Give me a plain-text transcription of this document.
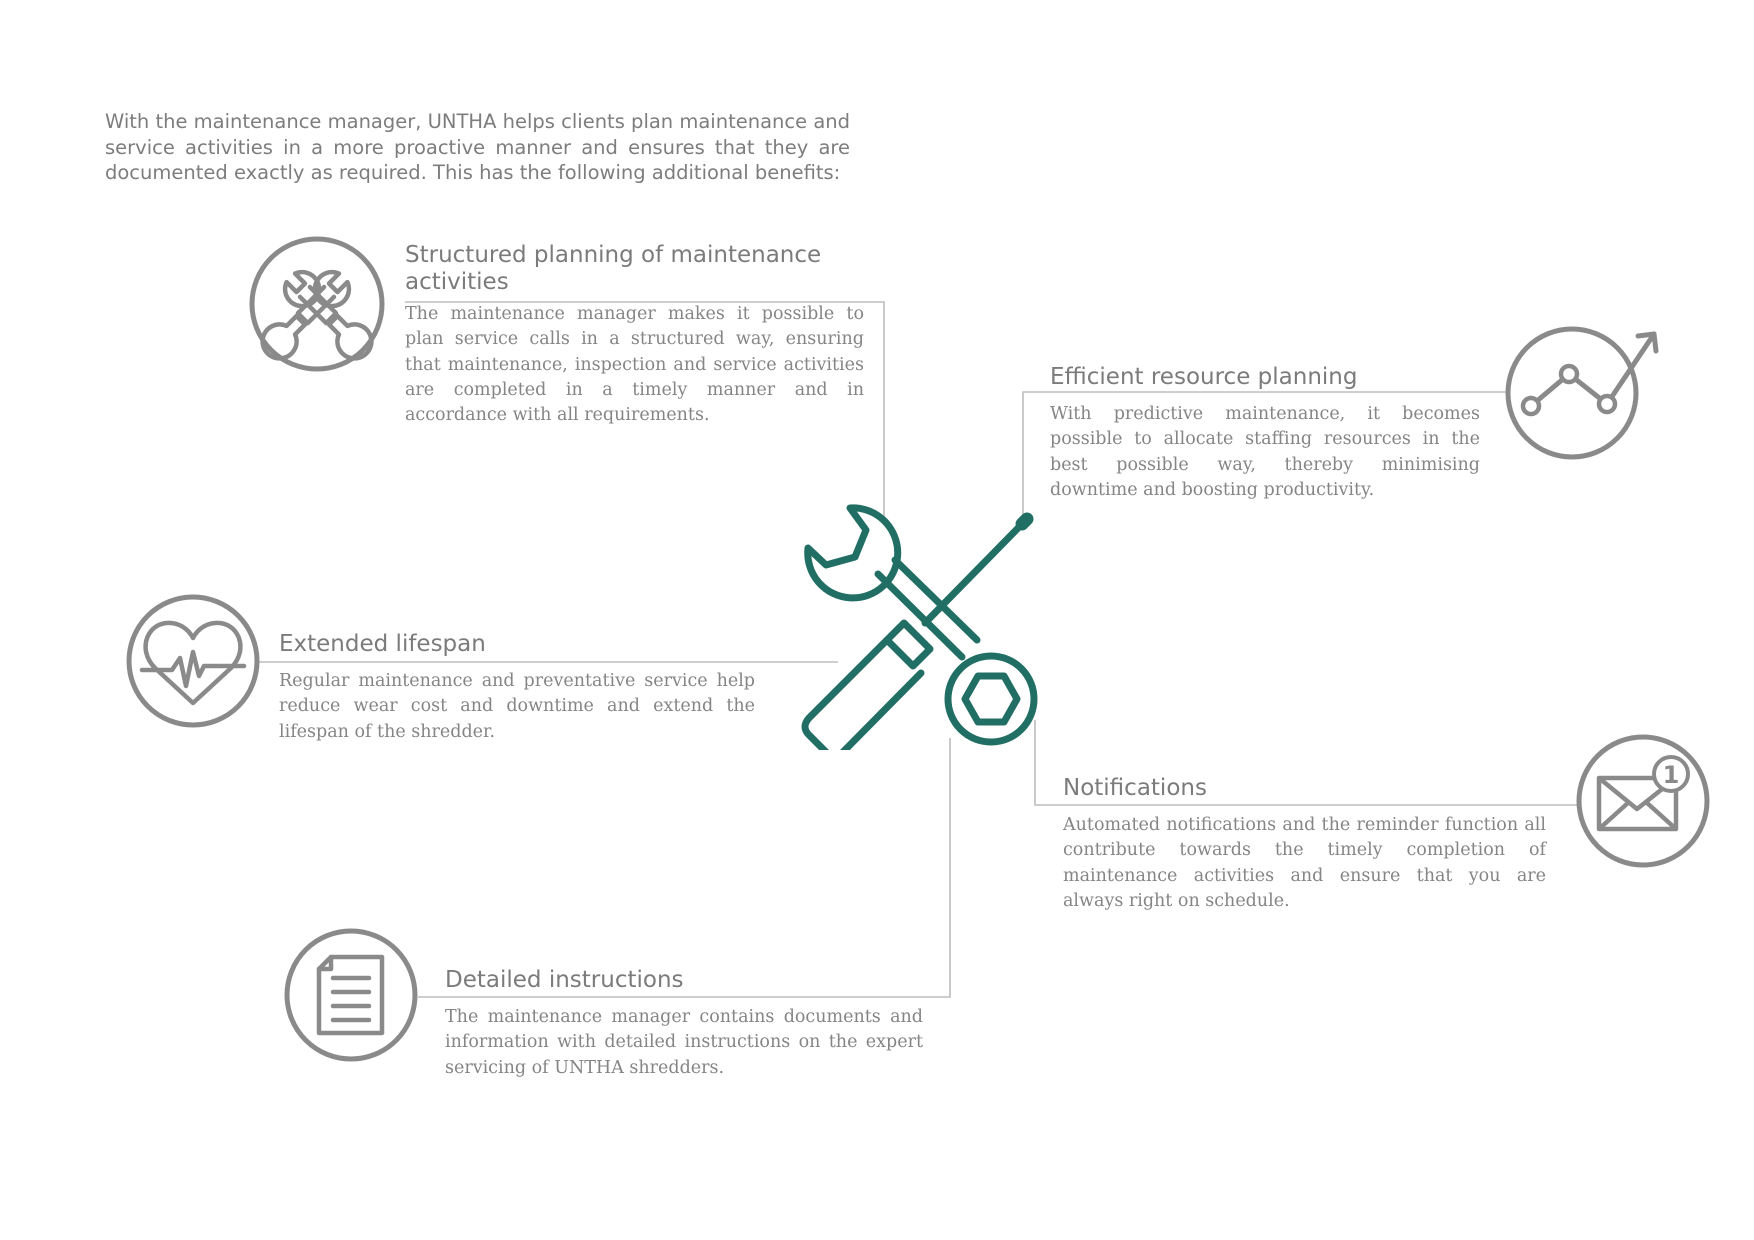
With the maintenance manager, UNTHA helps clients plan maintenance and service activities in a more proactive manner and ensures that they are documented exactly as required. This has the following additional benefits:

1
Structured planning of maintenance activities

The maintenance manager makes it possible to plan service calls in a structured way, ensuring that maintenance, inspection and service activities are completed in a timely manner and in accordance with all requirements.

Efficient resource planning

With predictive maintenance, it becomes possible to allocate staffing resources in the best possible way, thereby minimising downtime and boosting productivity.

Extended lifespan

Regular maintenance and preventative service help reduce wear cost and downtime and extend the lifespan of the shredder.

Notifications

Automated notifications and the reminder function all contribute towards the timely completion of maintenance activities and ensure that you are always right on schedule.

Detailed instructions

The maintenance manager contains documents and information with detailed instructions on the expert servicing of UNTHA shredders.
